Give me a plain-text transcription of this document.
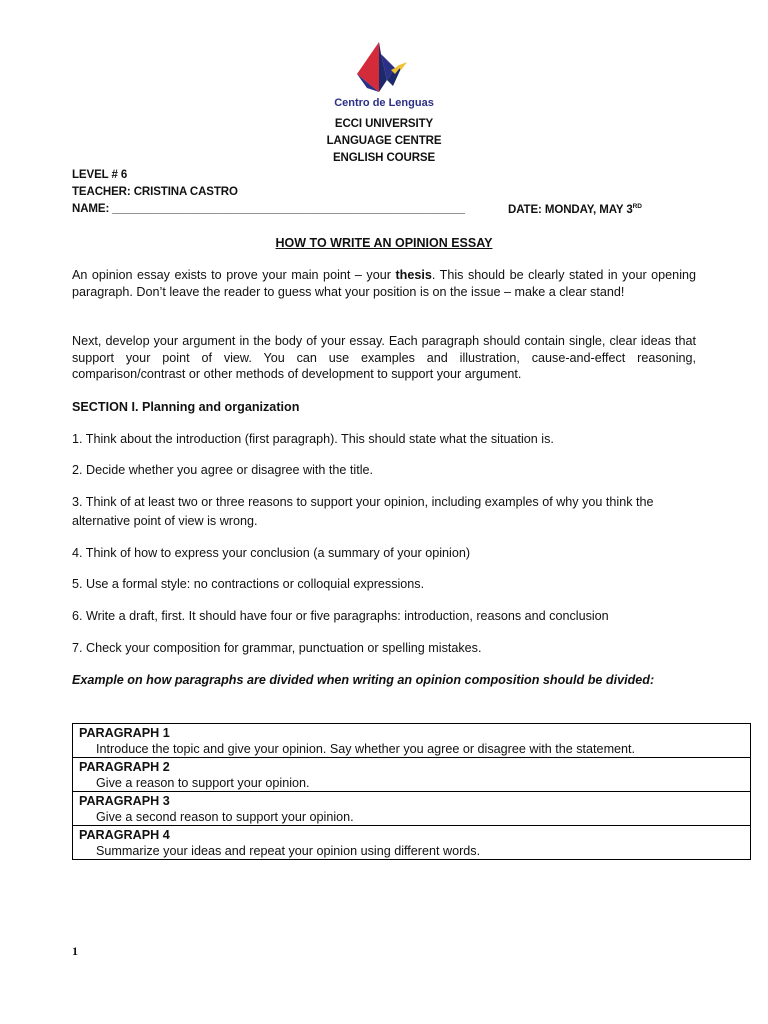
Centro de Lenguas
ECCI UNIVERSITY
LANGUAGE CENTRE
ENGLISH COURSE
LEVEL # 6
TEACHER: CRISTINA CASTRO
NAME: ________________________________________________________	DATE: MONDAY, MAY 3RD
HOW TO WRITE AN OPINION ESSAY
An opinion essay exists to prove your main point – your thesis. This should be clearly stated in your opening paragraph. Don’t leave the reader to guess what your position is on the issue – make a clear stand!
Next, develop your argument in the body of your essay. Each paragraph should contain single, clear ideas that support your point of view. You can use examples and illustration, cause-and-effect reasoning, comparison/contrast or other methods of development to support your argument.
SECTION I. Planning and organization
1. Think about the introduction (first paragraph). This should state what the situation is.
2. Decide whether you agree or disagree with the title.
3. Think of at least two or three reasons to support your opinion, including examples of why you think the alternative point of view is wrong.
4. Think of how to express your conclusion (a summary of your opinion)
5. Use a formal style: no contractions or colloquial expressions.
6. Write a draft, first. It should have four or five paragraphs: introduction, reasons and conclusion
7. Check your composition for grammar, punctuation or spelling mistakes.
Example on how paragraphs are divided when writing an opinion composition should be divided:
PARAGRAPH 1
Introduce the topic and give your opinion. Say whether you agree or disagree with the statement.

PARAGRAPH 2
Give a reason to support your opinion.

PARAGRAPH 3
Give a second reason to support your opinion.

PARAGRAPH 4
Summarize your ideas and repeat your opinion using different words.
1
